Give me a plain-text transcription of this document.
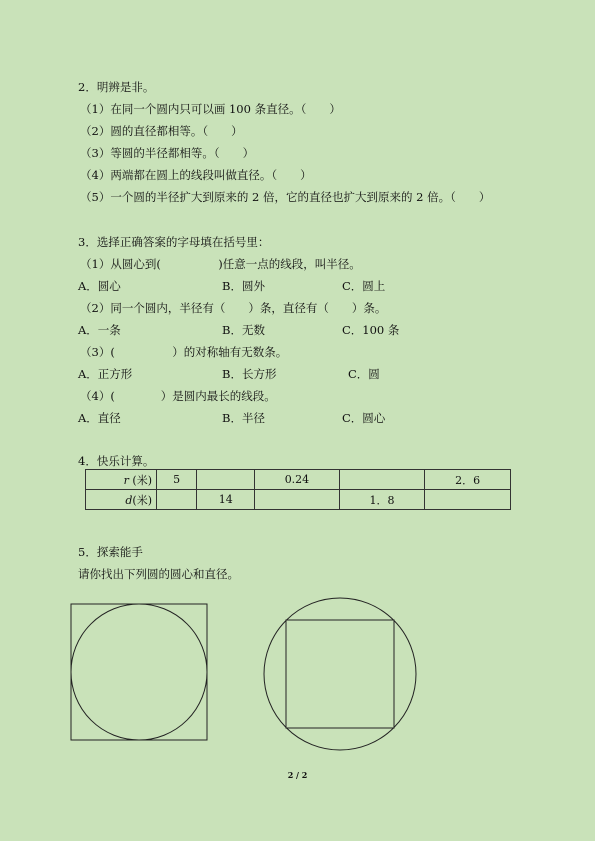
2．明辨是非。
（1）在同一个圆内只可以画 100 条直径。（　　）
（2）圆的直径都相等。（　　）
（3）等圆的半径都相等。（　　）
（4）两端都在圆上的线段叫做直径。（　　）
（5）一个圆的半径扩大到原来的 2 倍，它的直径也扩大到原来的 2 倍。（　　）
3．选择正确答案的字母填在括号里：
（1）从圆心到(　　　　　)任意一点的线段，叫半径。
A．圆心	B．圆外	C．圆上
（2）同一个圆内，半径有（　　）条，直径有（　　）条。
A．一条	B．无数	C．100 条
（3）(　　　　　）的对称轴有无数条。
A．正方形	B．长方形	C．圆
（4）(　　　　）是圆内最长的线段。
A．直径	B．半径	C．圆心
4．快乐计算。
r (米)	5		0.24		2．6
d(米)		14		1．8	
5．探索能手
请你找出下列圆的圆心和直径。
2 / 2
